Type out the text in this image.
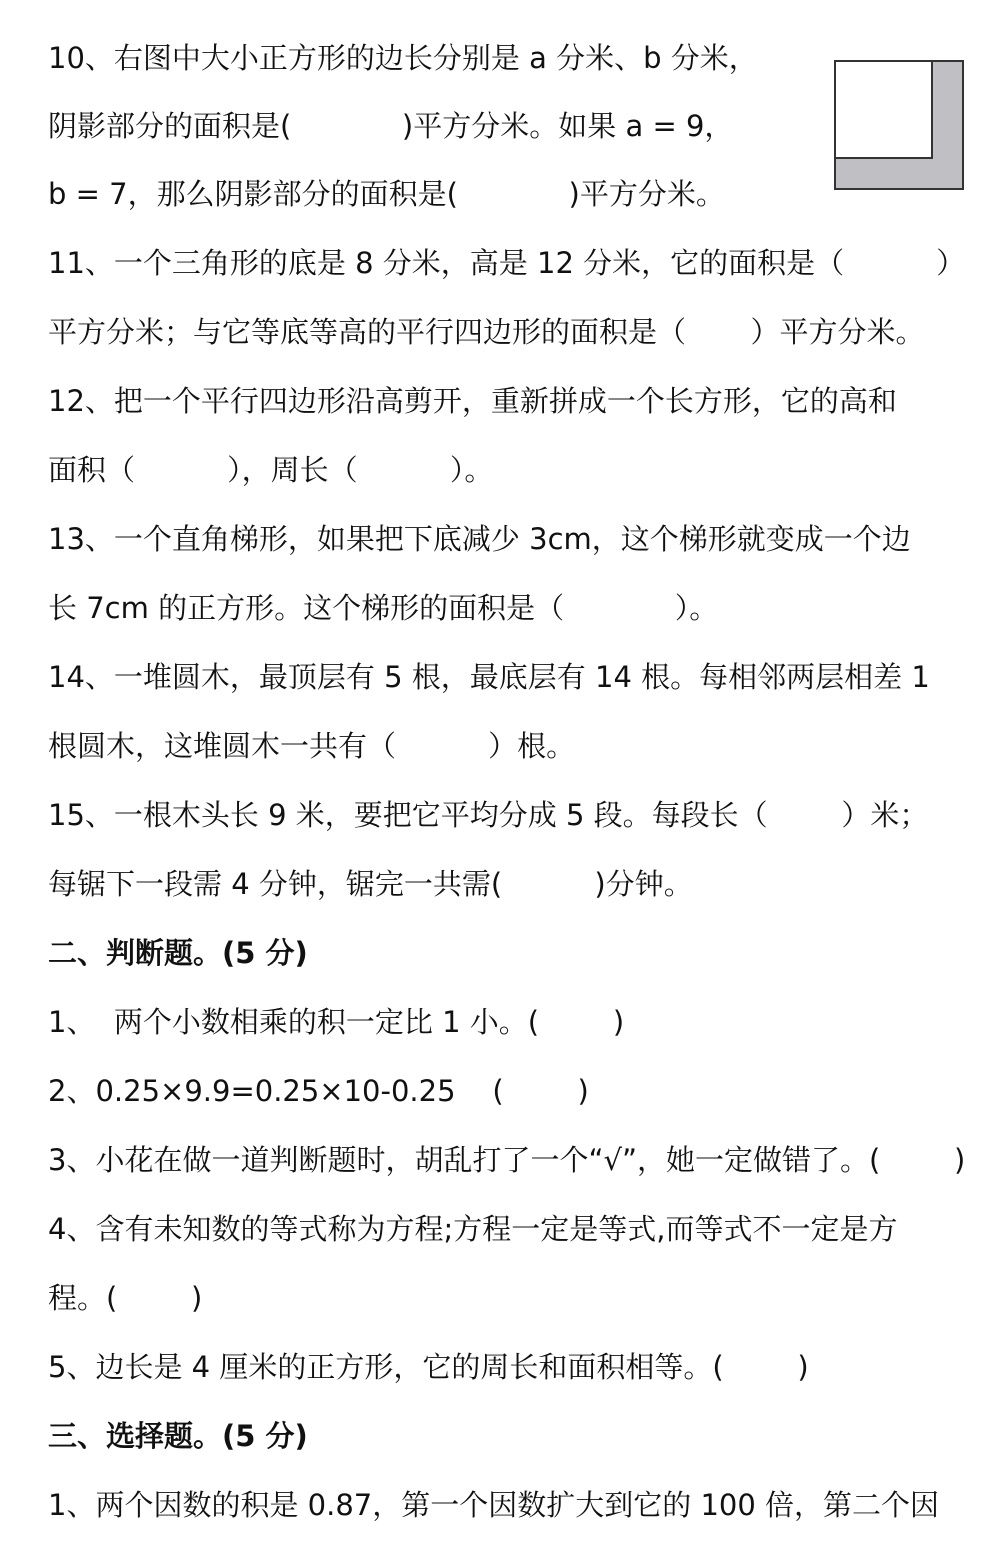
10、右图中大小正方形的边长分别是 a 分米、b 分米，
阴影部分的面积是(            )平方分米。如果 a = 9，
b = 7，那么阴影部分的面积是(            )平方分米。
11、一个三角形的底是 8 分米，高是 12 分米，它的面积是（          ）
平方分米；与它等底等高的平行四边形的面积是（       ）平方分米。
12、把一个平行四边形沿高剪开，重新拼成一个长方形，它的高和
面积（          ），周长（          ）。
13、一个直角梯形，如果把下底减少 3cm，这个梯形就变成一个边
长 7cm 的正方形。这个梯形的面积是（            ）。
14、一堆圆木，最顶层有 5 根，最底层有 14 根。每相邻两层相差 1
根圆木，这堆圆木一共有（          ）根。
15、一根木头长 9 米，要把它平均分成 5 段。每段长（        ）米；
每锯下一段需 4 分钟，锯完一共需(          )分钟。
二、判断题。(5 分)
1、  两个小数相乘的积一定比 1 小。(        )
2、0.25×9.9=0.25×10-0.25    (        )
3、小花在做一道判断题时，胡乱打了一个“√”，她一定做错了。(        )
4、含有未知数的等式称为方程;方程一定是等式,而等式不一定是方
程。(        )
5、边长是 4 厘米的正方形，它的周长和面积相等。(        )
三、选择题。(5 分)
1、两个因数的积是 0.87，第一个因数扩大到它的 100 倍，第二个因
